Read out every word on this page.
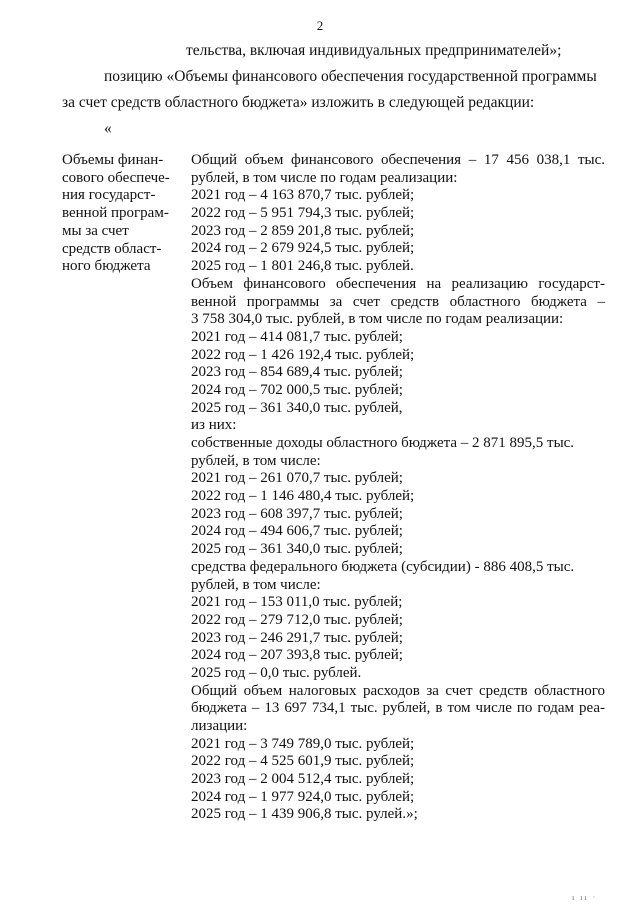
2
тельства, включая индивидуальных предпринимателей»;
позицию «Объемы финансового обеспечения государственной программы
за счет средств областного бюджета» изложить в следующей редакции:
«
Объемы финан-
сового обеспече-
ния государст-
венной програм-
мы за счет
средств област-
ного бюджета
Общий объем финансового обеспечения – 17 456 038,1 тыс.
рублей, в том числе по годам реализации:
2021 год – 4 163 870,7 тыс. рублей;
2022 год – 5 951 794,3 тыс. рублей;
2023 год – 2 859 201,8 тыс. рублей;
2024 год – 2 679 924,5 тыс. рублей;
2025 год – 1 801 246,8 тыс. рублей.
Объем финансового обеспечения на реализацию государст-
венной программы за счет средств областного бюджета –
3 758 304,0 тыс. рублей, в том числе по годам реализации:
2021 год – 414 081,7 тыс. рублей;
2022 год – 1 426 192,4 тыс. рублей;
2023 год – 854 689,4 тыс. рублей;
2024 год – 702 000,5 тыс. рублей;
2025 год – 361 340,0 тыс. рублей,
из них:
собственные доходы областного бюджета – 2 871 895,5 тыс.
рублей, в том числе:
2021 год – 261 070,7 тыс. рублей;
2022 год – 1 146 480,4 тыс. рублей;
2023 год – 608 397,7 тыс. рублей;
2024 год – 494 606,7 тыс. рублей;
2025 год – 361 340,0 тыс. рублей;
средства федерального бюджета (субсидии) - 886 408,5 тыс.
рублей, в том числе:
2021 год – 153 011,0 тыс. рублей;
2022 год – 279 712,0 тыс. рублей;
2023 год – 246 291,7 тыс. рублей;
2024 год – 207 393,8 тыс. рублей;
2025 год – 0,0 тыс. рублей.
Общий объем налоговых расходов за счет средств областного
бюджета – 13 697 734,1 тыс. рублей, в том числе по годам реа-
лизации:
2021 год – 3 749 789,0 тыс. рублей;
2022 год – 4 525 601,9 тыс. рублей;
2023 год – 2 004 512,4 тыс. рублей;
2024 год – 1 977 924,0 тыс. рублей;
2025 год – 1 439 906,8 тыс. рулей.»;
ı ıı ·
